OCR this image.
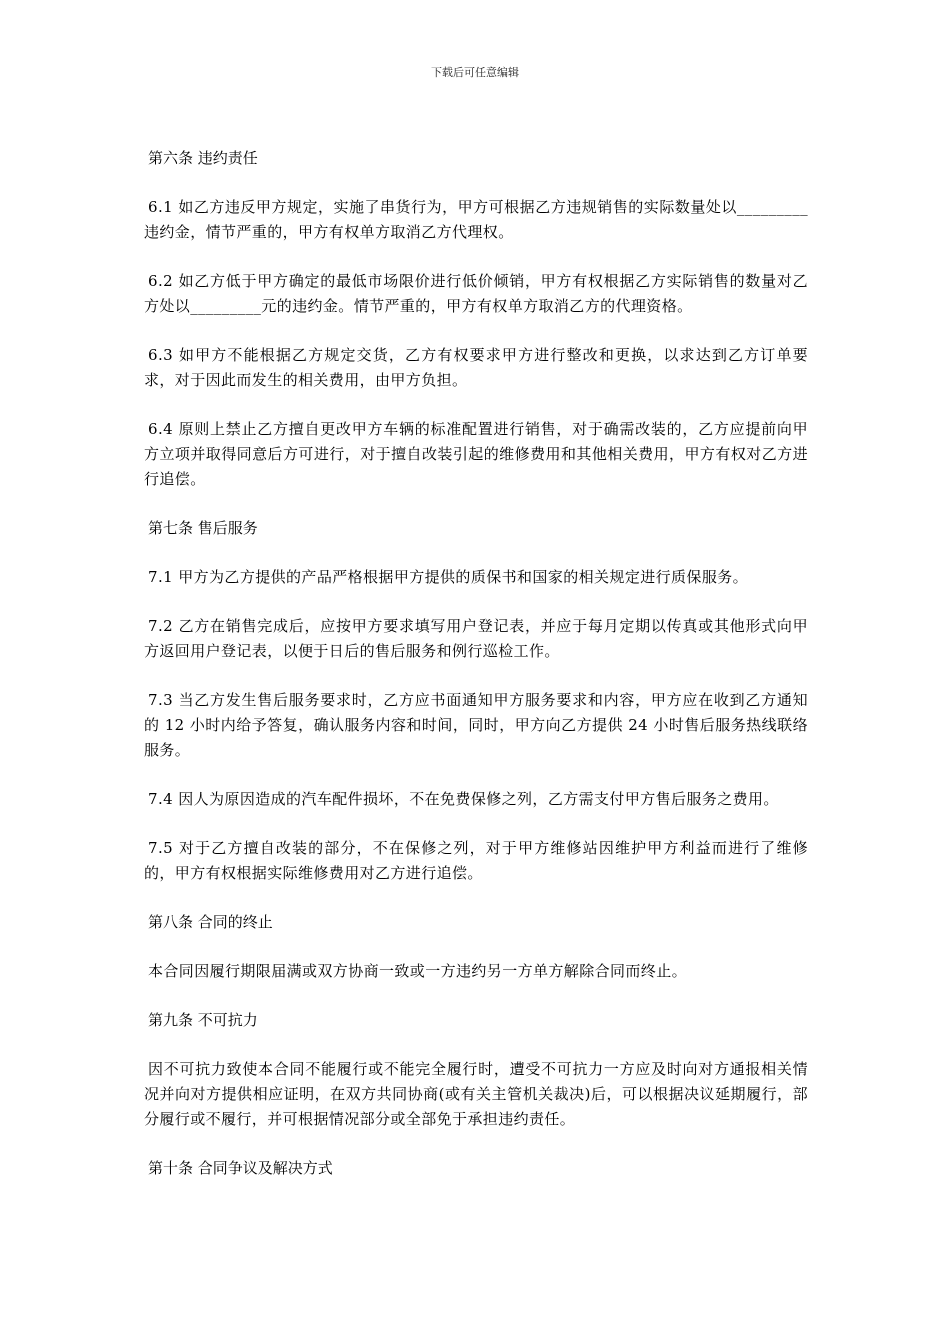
下载后可任意编辑

第六条 违约责任

6.1 如乙方违反甲方规定，实施了串货行为，甲方可根据乙方违规销售的实际数量处以_________违约金，情节严重的，甲方有权单方取消乙方代理权。

6.2 如乙方低于甲方确定的最低市场限价进行低价倾销，甲方有权根据乙方实际销售的数量对乙方处以_________元的违约金。情节严重的，甲方有权单方取消乙方的代理资格。

6.3 如甲方不能根据乙方规定交货，乙方有权要求甲方进行整改和更换，以求达到乙方订单要求，对于因此而发生的相关费用，由甲方负担。

6.4 原则上禁止乙方擅自更改甲方车辆的标准配置进行销售，对于确需改装的，乙方应提前向甲方立项并取得同意后方可进行，对于擅自改装引起的维修费用和其他相关费用，甲方有权对乙方进行追偿。

第七条 售后服务

7.1 甲方为乙方提供的产品严格根据甲方提供的质保书和国家的相关规定进行质保服务。

7.2 乙方在销售完成后，应按甲方要求填写用户登记表，并应于每月定期以传真或其他形式向甲方返回用户登记表，以便于日后的售后服务和例行巡检工作。

7.3 当乙方发生售后服务要求时，乙方应书面通知甲方服务要求和内容，甲方应在收到乙方通知的 12 小时内给予答复，确认服务内容和时间，同时，甲方向乙方提供 24 小时售后服务热线联络服务。

7.4 因人为原因造成的汽车配件损坏，不在免费保修之列，乙方需支付甲方售后服务之费用。

7.5 对于乙方擅自改装的部分，不在保修之列，对于甲方维修站因维护甲方利益而进行了维修的，甲方有权根据实际维修费用对乙方进行追偿。

第八条 合同的终止

本合同因履行期限届满或双方协商一致或一方违约另一方单方解除合同而终止。

第九条 不可抗力

因不可抗力致使本合同不能履行或不能完全履行时，遭受不可抗力一方应及时向对方通报相关情况并向对方提供相应证明，在双方共同协商(或有关主管机关裁决)后，可以根据决议延期履行，部分履行或不履行，并可根据情况部分或全部免于承担违约责任。

第十条 合同争议及解决方式
